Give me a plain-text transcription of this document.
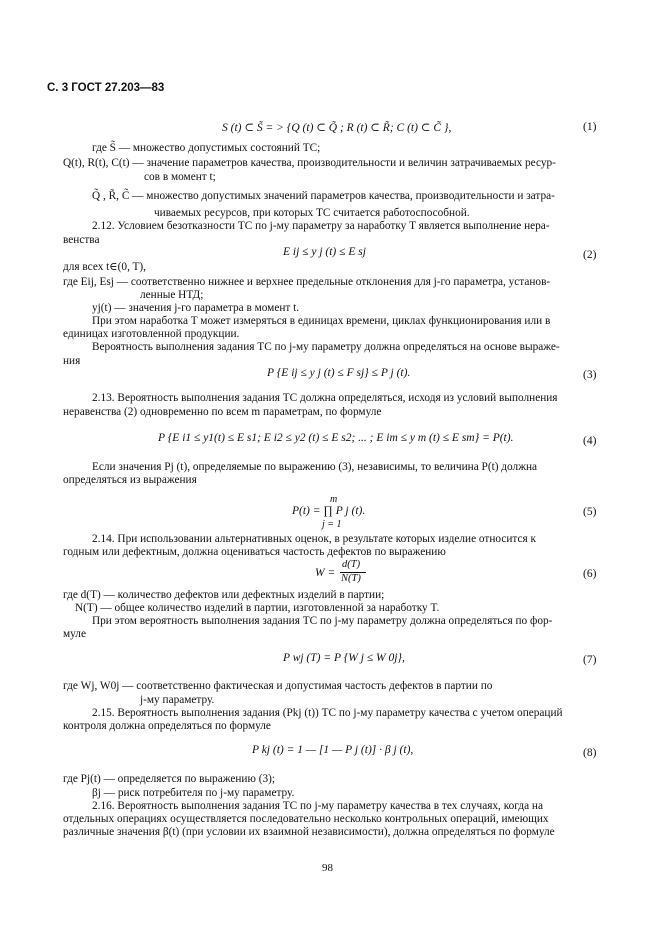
С. 3 ГОСТ 27.203—83
S (t) ⊂ S̃ = > {Q (t) ⊂ Q̃ ; R (t) ⊂ R̃; C (t) ⊂ C̃ },	(1)
где S̃ — множество допустимых состояний ТС;
Q(t), R(t), C(t) — значение параметров качества, производительности и величин затрачиваемых ресур-
сов в момент t;
Q̃ , R̃, C̃ — множество допустимых значений параметров качества, производительности и затра-
чиваемых ресурсов, при которых ТС считается работоспособной.
2.12. Условием безотказности ТС по j-му параметру за наработку T является выполнение нера-
венства
E ij ≤ y j (t) ≤ E sj	(2)
для всех t∈(0, T),
где Eij, Esj — соответственно нижнее и верхнее предельные отклонения для j-го параметра, установ-
ленные НТД;
yj(t) — значения j-го параметра в момент t.
При этом наработка T может измеряться в единицах времени, циклах функционирования или в
единицах изготовленной продукции.
Вероятность выполнения задания ТС по j-му параметру должна определяться на основе выраже-
ния
P {E ij ≤ y j (t) ≤ F sj} ≤ P j (t).	(3)
2.13. Вероятность выполнения задания ТС должна определяться, исходя из условий выполнения
неравенства (2) одновременно по всем m параметрам, по формуле
P {E i1 ≤ y1(t) ≤ E s1; E i2 ≤ y2 (t) ≤ E s2; ... ; E im ≤ y m (t) ≤ E sm} = P(t).	(4)
Если значения Pj (t), определяемые по выражению (3), независимы, то величина P(t) должна
определяться из выражения
m
P(t) = ∏ P j (t).
j = 1
(5)
2.14. При использовании альтернативных оценок, в результате которых изделие относится к
годным или дефектным, должна оцениваться частость дефектов по выражению
W =
d(T)
N(T)	(6)
где d(T) — количество дефектов или дефектных изделий в партии;
N(T) — общее количество изделий в партии, изготовленной за наработку T.
При этом вероятность выполнения задания ТС по j-му параметру должна определяться по фор-
муле
P wj (T) = P {W j ≤ W 0j},	(7)
где Wj, W0j — соответственно фактическая и допустимая частость дефектов в партии по
j-му параметру.
2.15. Вероятность выполнения задания (Pkj (t)) ТС по j-му параметру качества с учетом операций
контроля должна определяться по формуле
P kj (t) = 1 — [1 — P j (t)] · β j (t),	(8)
где Pj(t) — определяется по выражению (3);
βj — риск потребителя по j-му параметру.
2.16. Вероятность выполнения задания ТС по j-му параметру качества в тех случаях, когда на
отдельных операциях осуществляется последовательно несколько контрольных операций, имеющих
различные значения β(t) (при условии их взаимной независимости), должна определяться по формуле
98
